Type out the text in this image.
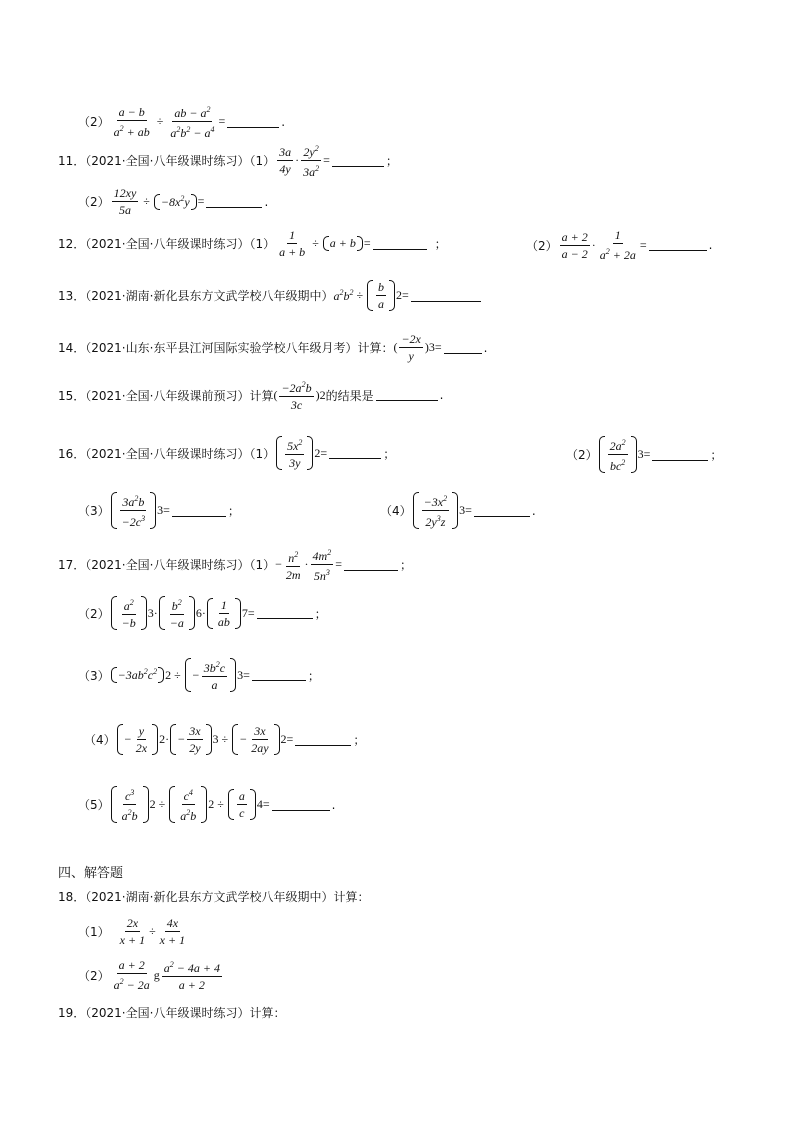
$(2) \frac{a - b}{a^2 + ab} \div \frac{ab - a^2}{a^2b^2 - a^4}$ =	.
11．（2021·全国·八年级课时练习）$(1) \frac{3a}{4y} \cdot \frac{2y^2}{3a^2}$ =	；
$(2) \frac{12xy}{5a} \div -8x^2y$ =	.
12．（2021·全国·八年级课时练习）$(1) \frac{1}{a + b} \div a + b$ =	；	$(2) \frac{a + 2}{a - 2} \cdot \frac{1}{a^2 + 2a}$ =	.
13．（2021·湖南·新化县东方文武学校八年级期中） $a^2b^2 \div \frac{b}{a} 2$ =
14．（2021·山东·东平县江河国际实验学校八年级月考）计算： ( $\frac{-2x}{y}$ ) 3 =	.
15．（2021·全国·八年级课前预习）计算 ( $\frac{-2a^2b}{3c}$ ) 2 的结果是	.
16．（2021·全国·八年级课时练习）$(1) \frac{5x^2}{3y} 2$ =	；	$(2) \frac{2a^2}{bc^2} 3$ =	；
$(3) \frac{3a^2b}{-2c^3} 3$ =	；	$(4) \frac{-3x^2}{2y^3z} 3$ =	.
17．（2021·全国·八年级课时练习）$(1) - \frac{n^2}{2m} \cdot \frac{4m^2}{5n^3}$ =	；
$(2) \frac{a^2}{-b} 3 \cdot \frac{b^2}{-a} 6 \cdot \frac{1}{ab} 7$ =	；
$(3) -3ab^2c^2$ 2 ÷ − $\frac{3b^2c}{a} 3$ =	；
$(4) - \frac{y}{2x} 2$ · − $\frac{3x}{2y} 3$ ÷ − $\frac{3x}{2ay} 2$ =	；
$(5) \frac{c^3}{a^2b} 2 \div \frac{c^4}{a^2b} 2 \div \frac{a}{c} 4$ =	.
四、解答题
18．（2021·湖南·新化县东方文武学校八年级期中）计算：
$(1) \frac{2x}{x + 1} \div \frac{4x}{x + 1}$
$(2) \frac{a + 2}{a^2 - 2a}$ g $\frac{a^2 - 4a + 4}{a + 2}$
19．（2021·全国·八年级课时练习）计算：
